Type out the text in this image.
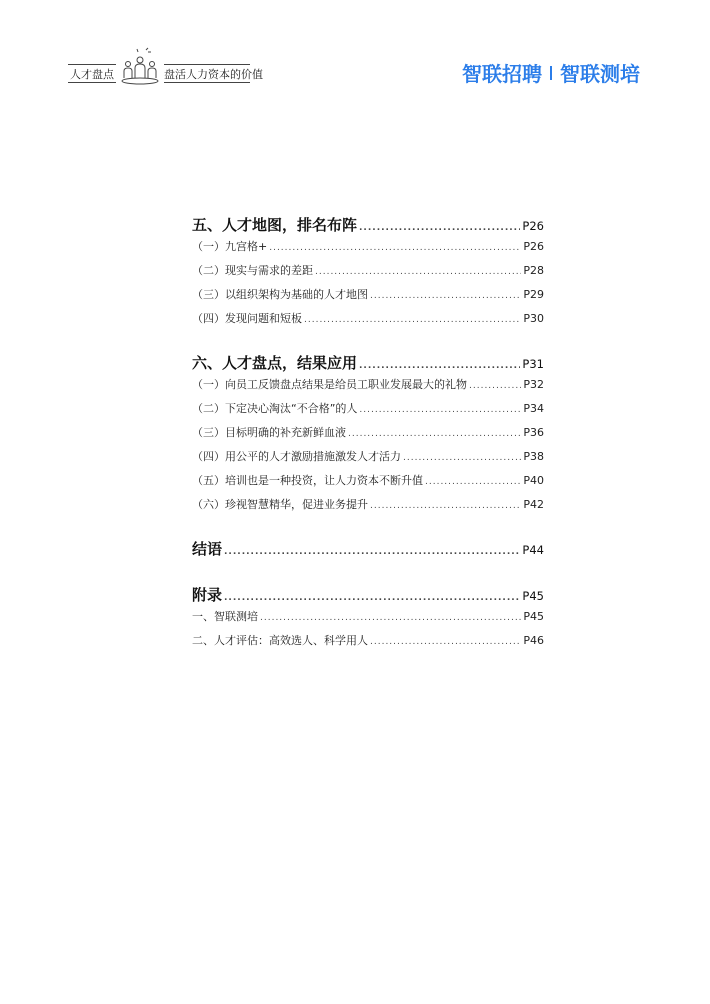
人才盘点	盘活人力资本的价值	智联招聘 智联测培
五、人才地图，排名布阵 .....	P26
（一）九宫格+ .....	P26
（二）现实与需求的差距 .....	P28
（三）以组织架构为基础的人才地图 .....	P29
（四）发现问题和短板 .....	P30
六、人才盘点，结果应用 .....	P31
（一）向员工反馈盘点结果是给员工职业发展最大的礼物 .....	P32
（二）下定决心淘汰“不合格”的人 .....	P34
（三）目标明确的补充新鲜血液 .....	P36
（四）用公平的人才激励措施激发人才活力 .....	P38
（五）培训也是一种投资，让人力资本不断升值 .....	P40
（六）珍视智慧精华，促进业务提升 .....	P42
结语 .....	P44
附录 .....	P45
一、智联测培 .....	P45
二、人才评估：高效选人、科学用人 .....	P46
